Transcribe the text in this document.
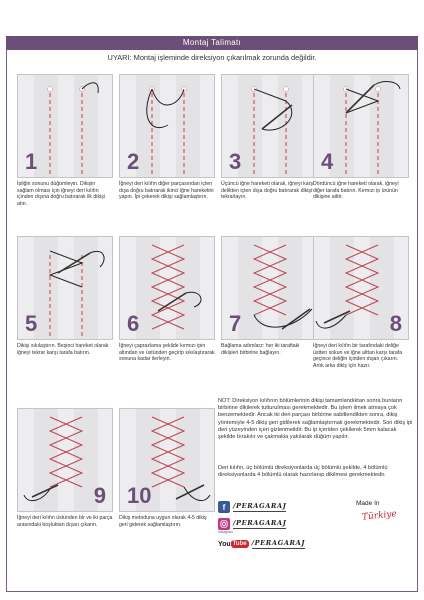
Montaj Talimatı
UYARI: Montaj işleminde direksiyon çıkarılmak zorunda değildir.
1
İpliğin sonunu düğümleyin. Dikişin sağlam olması için iğneyi deri kılıfın içinden dışına doğru batırarak ilk dikişi atın.
2
İğneyi deri kılıfın diğer parçasından içten dışa doğru batırarak ikinci iğne hareketini yapın. İpi çekerek dikişi sağlamlaştırın.
3
Üçüncü iğne hareketi olarak, iğneyi karşı delikten içten dışa doğru batırarak dikişi tekrarlayın.
4
Dördüncü iğne hareketi olarak, iğneyi diğer tarafa batırın. Kırmızı ip ürünün dikişine aittir.
5
Dikişi sıkılaştırın. Beşinci hareket olarak iğneyi tekrar karşı tarafa batırın.
6
İğneyi çaprazlama şekilde kırmızı ipin altından ve üstünden geçirip sıkılaştırarak sonuna kadar ilerleyin.
7
Bağlama adımlarz: her iki taraftaki dikişleri birbirine bağlayın.
8
İğneyi deri kılıfın bir tarafındaki deliğe üstten sokun ve iğne alttan karşı tarafa geçince deliğin içinden dışarı çıkarın. Artık arka dikiş için hazır.
9
İğneyi deri kılıfın üstünden bir ve iki parça arasındaki boşluktan dışarı çıkarın.
10
Dikiş metoduna uygun olarak 4-5 dikiş geri giderek sağlamlaştırın.
NOT: Direksiyon kılıfının bölümlerinin dikişi tamamlandıktan sonra bunların birbirine dikilerek tutturulması gerekmektedir. Bu işlem ilmek atmaya çok benzemektedir. Ancak iki deri parçası birbirine sabitlendikten sonra, dikiş yöntemiyle 4-5 dikiş geri gidilerek sağlamlaştırmak gerekmektedir. Son dikiş ipi deri yüzeyinden içeri gizlenmelidir. Bu ip içeriden çekilerek 5mm kalacak şekilde bırakılır ve çakmakla yakılarak düğüm yapılır.
Deri kılıfın, üç bölümlü direksiyonlarda üç bölümlü şekilde, 4 bölümlü direksiyonlarda 4 bölümlü olarak hazırlanıp dikilmesi gerekmektedir.
f	/PERAGARAJ
/PERAGARAJ
Instagram
You Tube /PERAGARAJ
Made In
Türkiye
